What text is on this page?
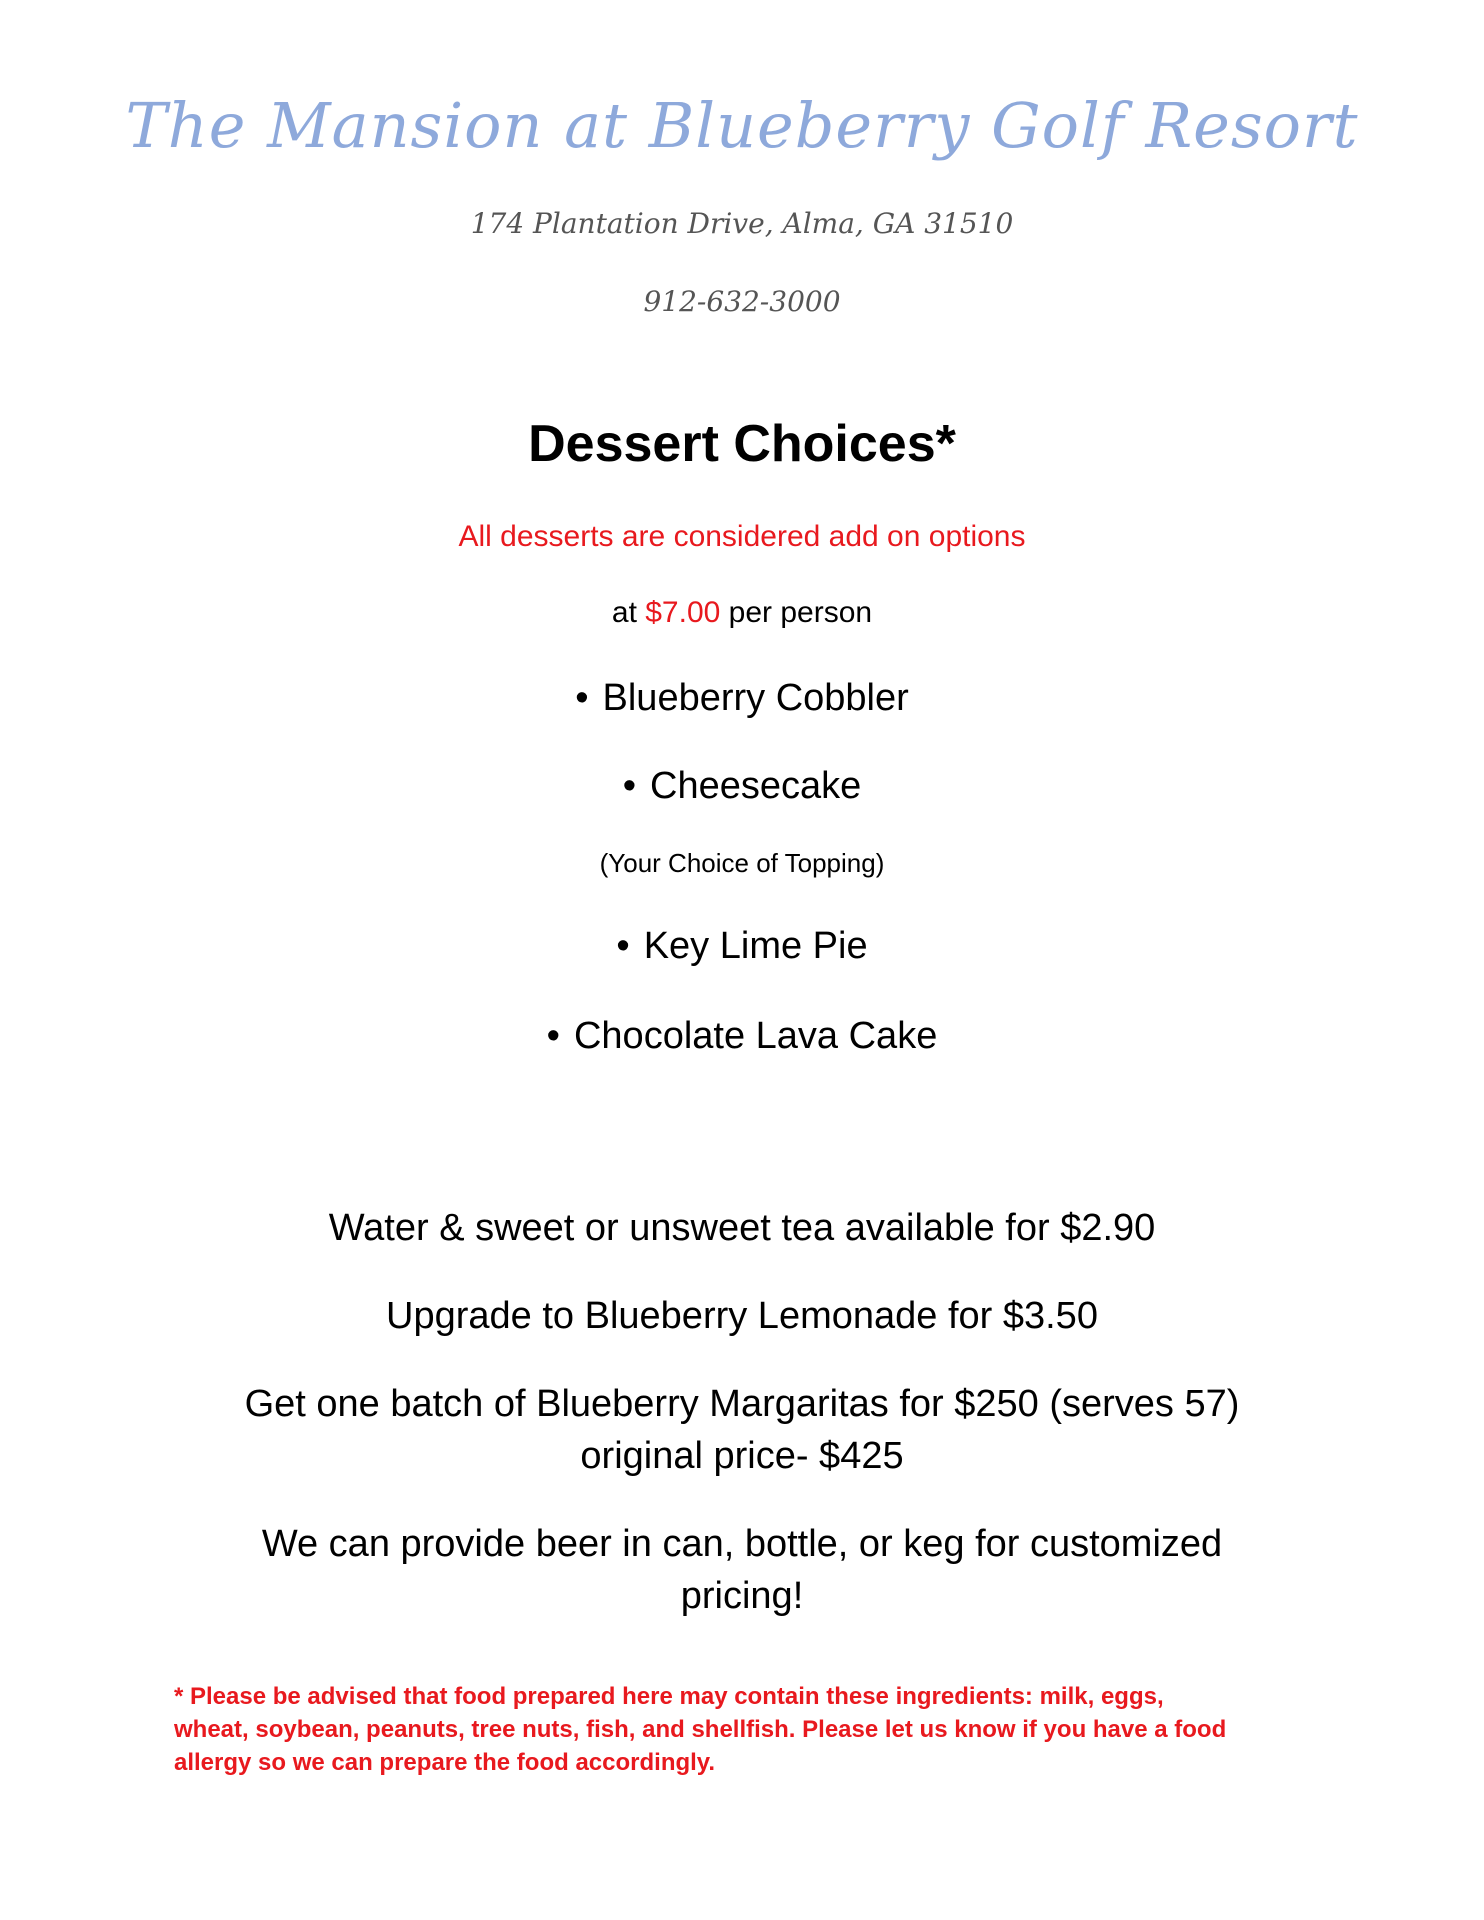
The Mansion at Blueberry Golf Resort
174 Plantation Drive, Alma, GA 31510
912-632-3000
Dessert Choices*
All desserts are considered add on options
at $7.00 per person
• Blueberry Cobbler
• Cheesecake
(Your Choice of Topping)
• Key Lime Pie
• Chocolate Lava Cake
Water & sweet or unsweet tea available for $2.90
Upgrade to Blueberry Lemonade for $3.50
Get one batch of Blueberry Margaritas for $250 (serves 57)
original price- $425
We can provide beer in can, bottle, or keg for customized
pricing!
* Please be advised that food prepared here may contain these ingredients: milk, eggs,
wheat, soybean, peanuts, tree nuts, fish, and shellfish. Please let us know if you have a food
allergy so we can prepare the food accordingly.
